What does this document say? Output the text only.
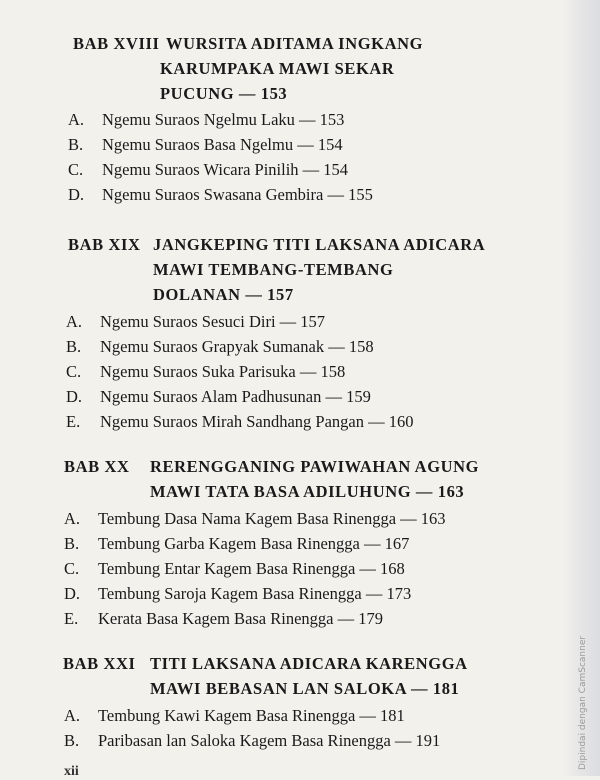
BAB XVIII WURSITA ADITAMA INGKANG
KARUMPAKA MAWI SEKAR
PUCUNG — 153
A. Ngemu Suraos Ngelmu Laku — 153
B. Ngemu Suraos Basa Ngelmu — 154
C. Ngemu Suraos Wicara Pinilih — 154
D. Ngemu Suraos Swasana Gembira — 155
BAB XIX JANGKEPING TITI LAKSANA ADICARA
MAWI TEMBANG-TEMBANG
DOLANAN — 157
A. Ngemu Suraos Sesuci Diri — 157
B. Ngemu Suraos Grapyak Sumanak — 158
C. Ngemu Suraos Suka Parisuka — 158
D. Ngemu Suraos Alam Padhusunan — 159
E. Ngemu Suraos Mirah Sandhang Pangan — 160
BAB XX RERENGGANING PAWIWAHAN AGUNG
MAWI TATA BASA ADILUHUNG — 163
A. Tembung Dasa Nama Kagem Basa Rinengga — 163
B. Tembung Garba Kagem Basa Rinengga — 167
C. Tembung Entar Kagem Basa Rinengga — 168
D. Tembung Saroja Kagem Basa Rinengga — 173
E. Kerata Basa Kagem Basa Rinengga — 179
BAB XXI TITI LAKSANA ADICARA KARENGGA
MAWI BEBASAN LAN SALOKA — 181
A. Tembung Kawi Kagem Basa Rinengga — 181
B. Paribasan lan Saloka Kagem Basa Rinengga — 191
xii
Dipindai dengan CamScanner
